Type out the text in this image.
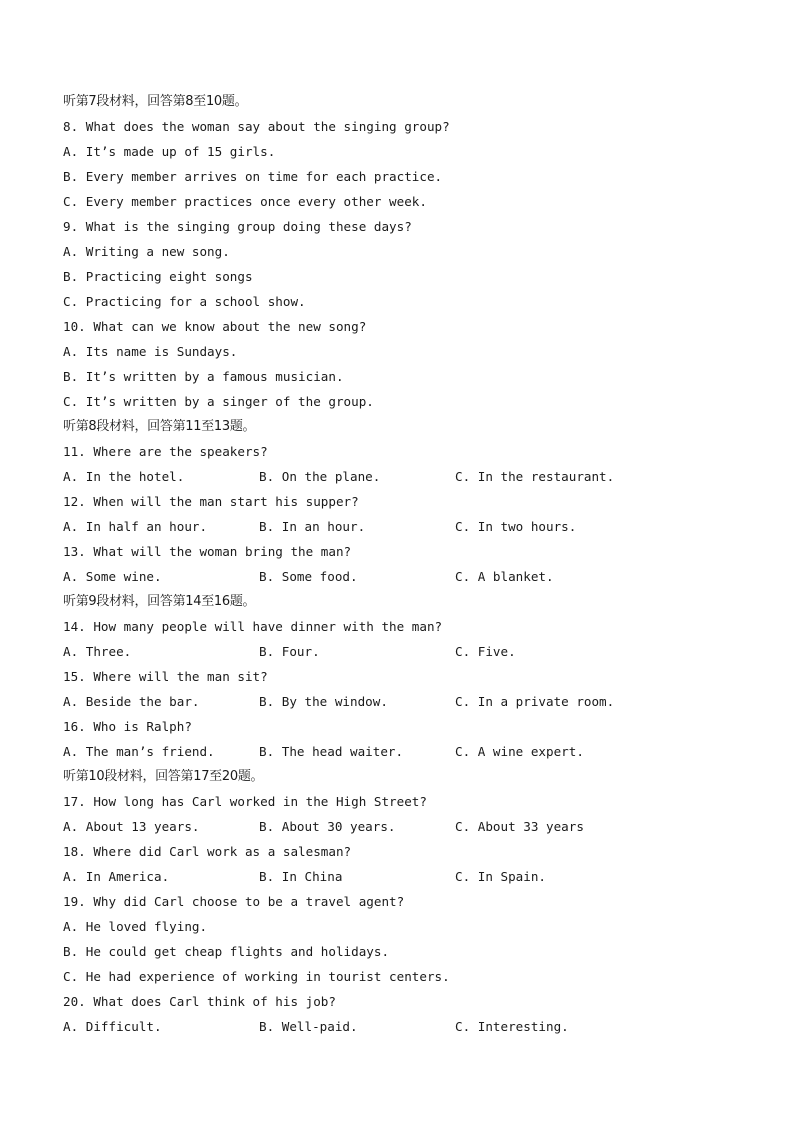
听第7段材料，回答第8至10题。
8. What does the woman say about the singing group?
A. It’s made up of 15 girls.
B. Every member arrives on time for each practice.
C. Every member practices once every other week.
9. What is the singing group doing these days?
A. Writing a new song.
B. Practicing eight songs
C. Practicing for a school show.
10. What can we know about the new song?
A. Its name is Sundays.
B. It’s written by a famous musician.
C. It’s written by a singer of the group.
听第8段材料，回答第11至13题。
11. Where are the speakers?
A. In the hotel.	B. On the plane.	C. In the restaurant.
12. When will the man start his supper?
A. In half an hour.	B. In an hour.	C. In two hours.
13. What will the woman bring the man?
A. Some wine.	B. Some food.	C. A blanket.
听第9段材料，回答第14至16题。
14. How many people will have dinner with the man?
A. Three.	B. Four.	C. Five.
15. Where will the man sit?
A. Beside the bar.	B. By the window.	C. In a private room.
16. Who is Ralph?
A. The man’s friend.	B. The head waiter.	C. A wine expert.
听第10段材料，回答第17至20题。
17. How long has Carl worked in the High Street?
A. About 13 years.	B. About 30 years.	C. About 33 years
18. Where did Carl work as a salesman?
A. In America.	B. In China	C. In Spain.
19. Why did Carl choose to be a travel agent?
A. He loved flying.
B. He could get cheap flights and holidays.
C. He had experience of working in tourist centers.
20. What does Carl think of his job?
A. Difficult.	B. Well-paid.	C. Interesting.
